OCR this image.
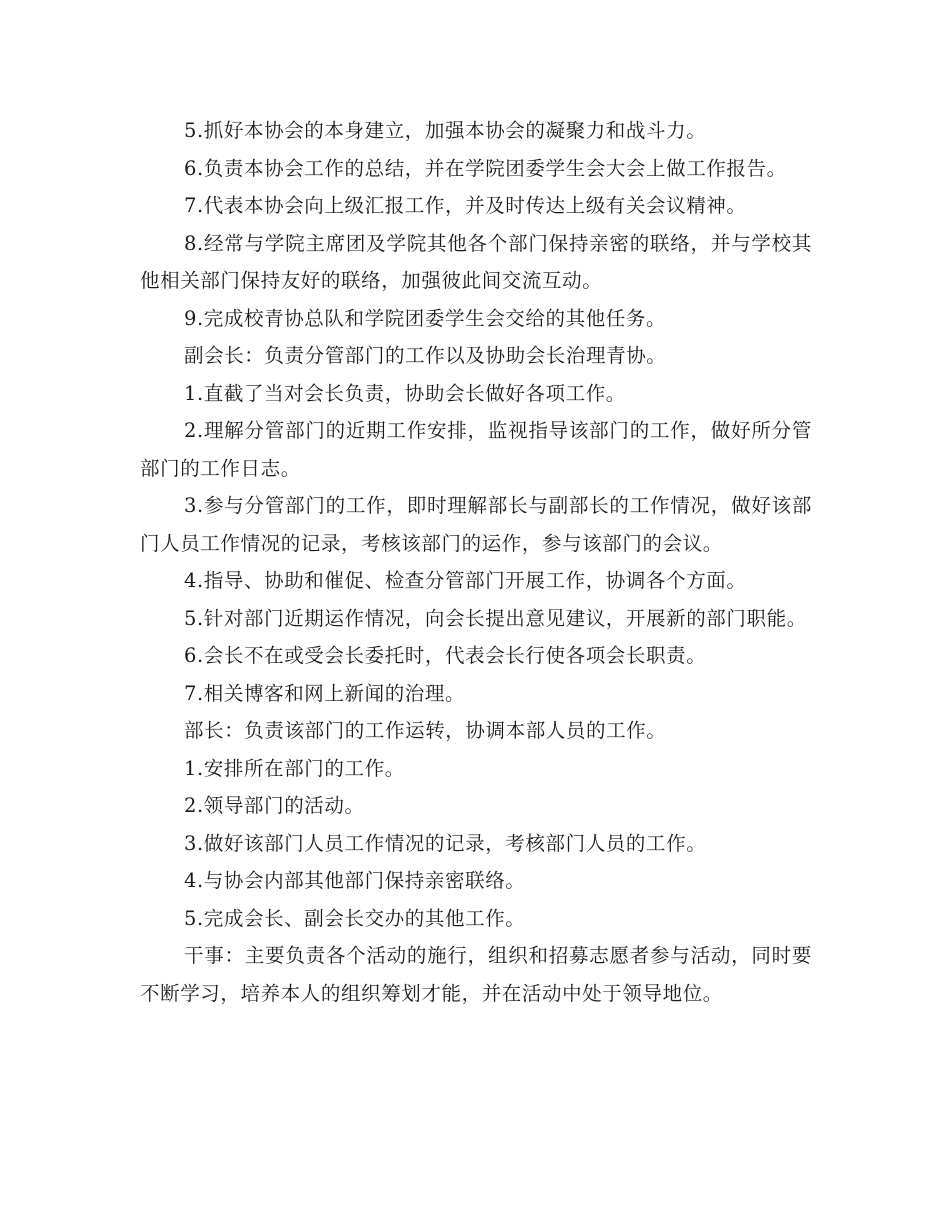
5.抓好本协会的本身建立，加强本协会的凝聚力和战斗力。

6.负责本协会工作的总结，并在学院团委学生会大会上做工作报告。

7.代表本协会向上级汇报工作，并及时传达上级有关会议精神。

8.经常与学院主席团及学院其他各个部门保持亲密的联络，并与学校其他相关部门保持友好的联络，加强彼此间交流互动。

9.完成校青协总队和学院团委学生会交给的其他任务。

副会长：负责分管部门的工作以及协助会长治理青协。

1.直截了当对会长负责，协助会长做好各项工作。

2.理解分管部门的近期工作安排，监视指导该部门的工作，做好所分管部门的工作日志。

3.参与分管部门的工作，即时理解部长与副部长的工作情况，做好该部门人员工作情况的记录，考核该部门的运作，参与该部门的会议。

4.指导、协助和催促、检查分管部门开展工作，协调各个方面。

5.针对部门近期运作情况，向会长提出意见建议，开展新的部门职能。

6.会长不在或受会长委托时，代表会长行使各项会长职责。

7.相关博客和网上新闻的治理。

部长：负责该部门的工作运转，协调本部人员的工作。

1.安排所在部门的工作。

2.领导部门的活动。

3.做好该部门人员工作情况的记录，考核部门人员的工作。

4.与协会内部其他部门保持亲密联络。

5.完成会长、副会长交办的其他工作。

干事：主要负责各个活动的施行，组织和招募志愿者参与活动，同时要不断学习，培养本人的组织筹划才能，并在活动中处于领导地位。
